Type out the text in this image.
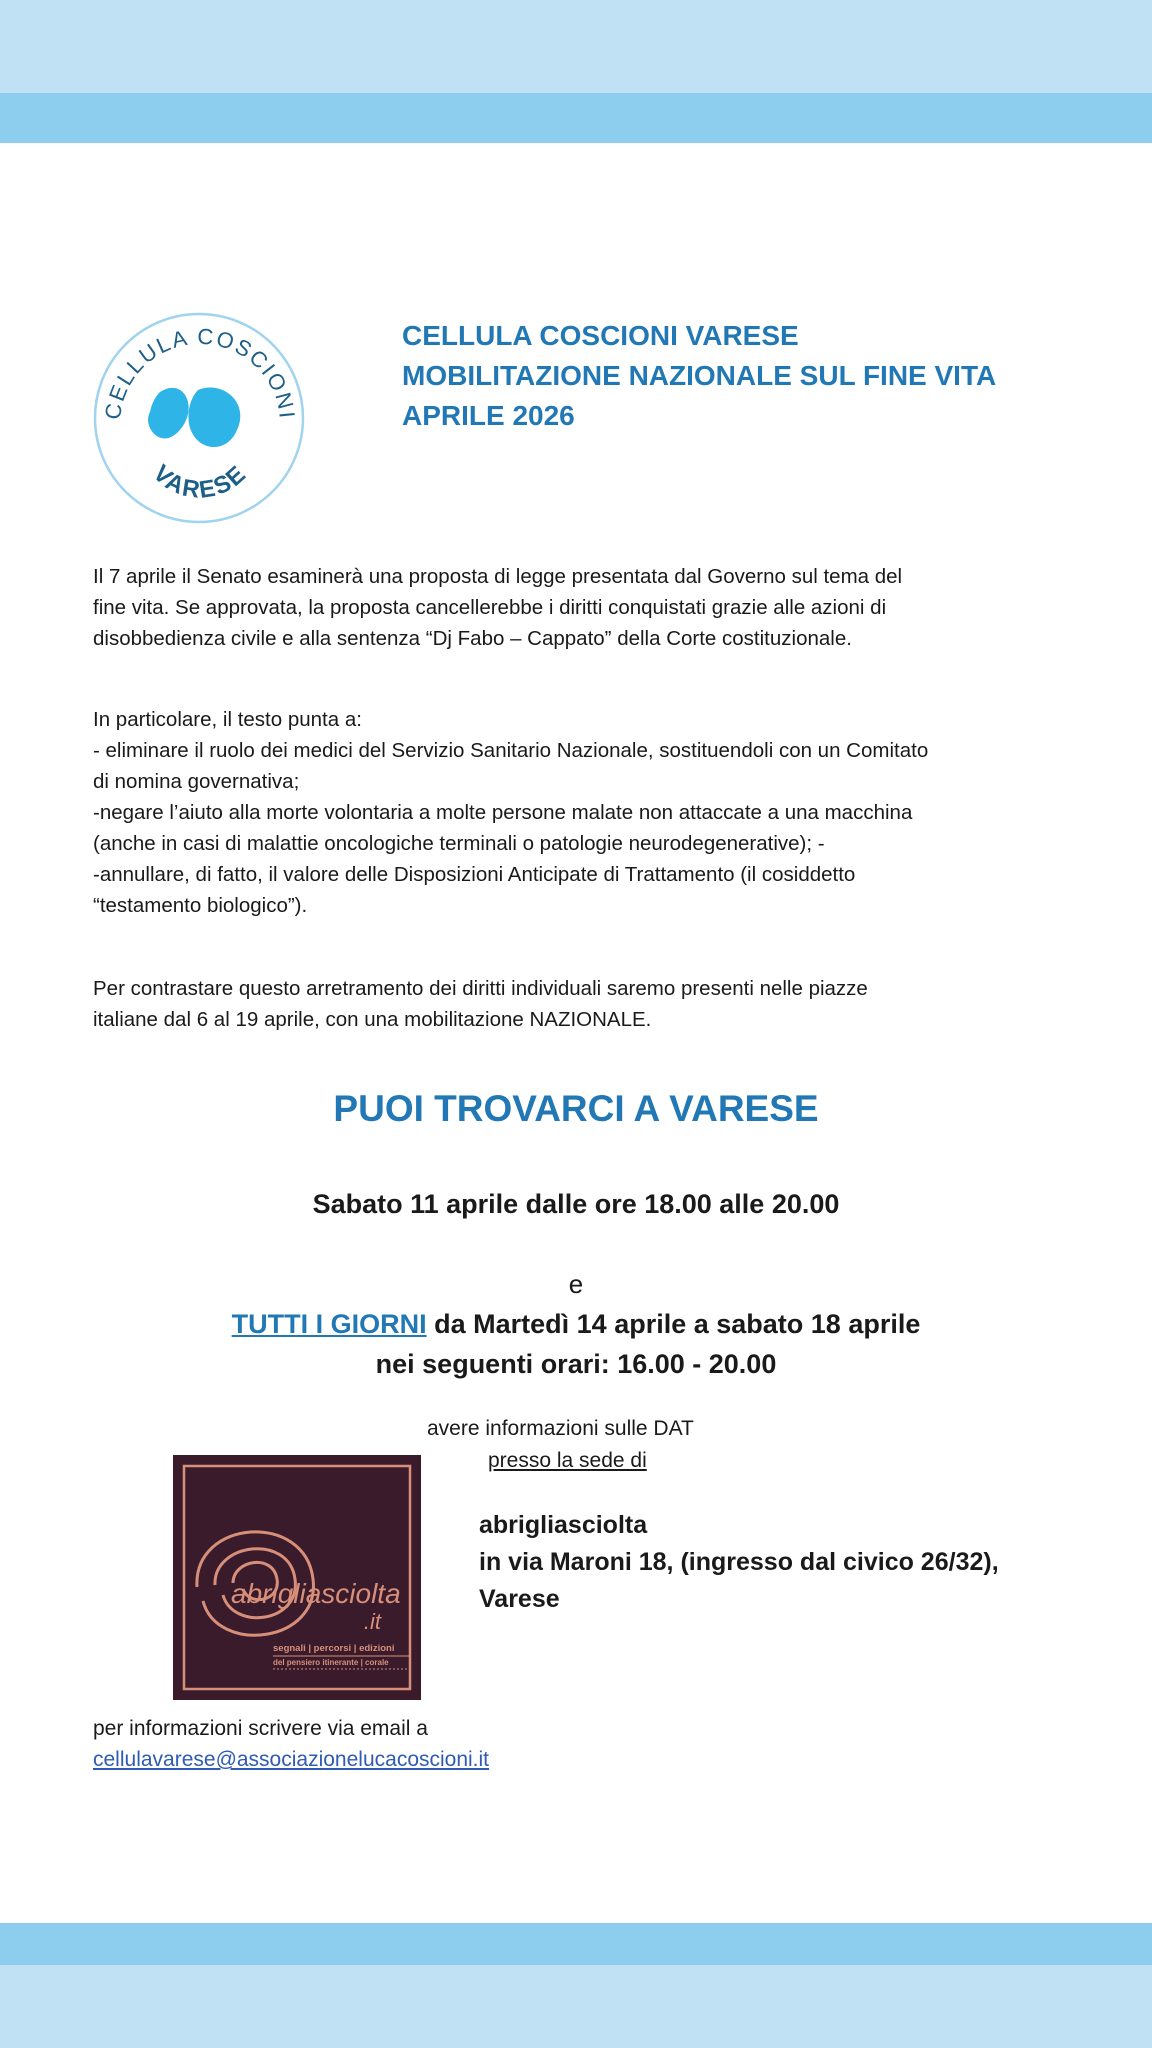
CELLULA COSCIONI
VARESE

CELLULA COSCIONI VARESE

MOBILITAZIONE NAZIONALE SUL FINE VITA

APRILE 2026

Il 7 aprile il Senato esaminerà una proposta di legge presentata dal Governo sul tema del
fine vita. Se approvata, la proposta cancellerebbe i diritti conquistati grazie alle azioni di
disobbedienza civile e alla sentenza “Dj Fabo – Cappato” della Corte costituzionale.
In particolare, il testo punta a:
- eliminare il ruolo dei medici del Servizio Sanitario Nazionale, sostituendoli con un Comitato
di nomina governativa;
-negare l’aiuto alla morte volontaria a molte persone malate non attaccate a una macchina
(anche in casi di malattie oncologiche terminali o patologie neurodegenerative); -
-annullare, di fatto, il valore delle Disposizioni Anticipate di Trattamento (il cosiddetto
“testamento biologico”).
Per contrastare questo arretramento dei diritti individuali saremo presenti nelle piazze
italiane dal 6 al 19 aprile, con una mobilitazione NAZIONALE.

PUOI TROVARCI A VARESE

Sabato 11 aprile dalle ore 18.00 alle 20.00

e

TUTTI I GIORNI da Martedì 14 aprile a sabato 18 aprile

nei seguenti orari: 16.00 - 20.00

avere informazioni sulle DAT
presso la sede di
abrigliasciolta
.it
segnali | percorsi | edizioni
del pensiero itinerante | corale
abrigliasciolta
in via Maroni 18, (ingresso dal civico 26/32),
Varese
per informazioni scrivere via email a
cellulavarese@associazionelucacoscioni.it
